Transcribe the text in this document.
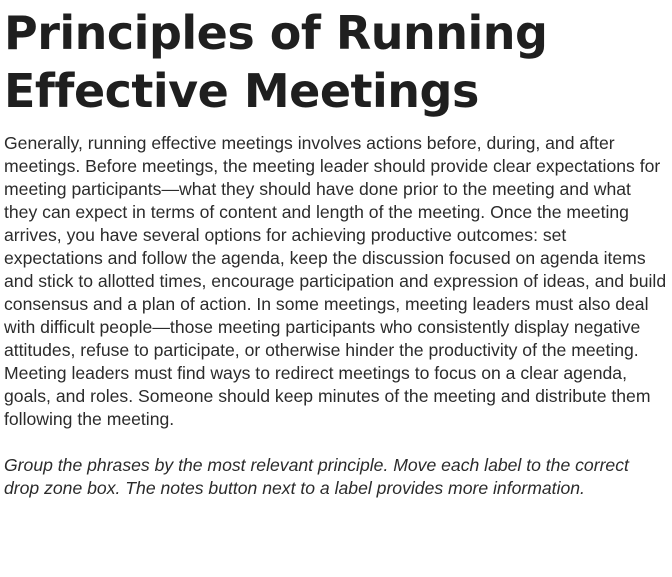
Principles of Running Effective Meetings

Generally, running effective meetings involves actions before, during, and after meetings. Before meetings, the meeting leader should provide clear expectations for meeting participants—what they should have done prior to the meeting and what they can expect in terms of content and length of the meeting. Once the meeting arrives, you have several options for achieving productive outcomes: set expectations and follow the agenda, keep the discussion focused on agenda items and stick to allotted times, encourage participation and expression of ideas, and build consensus and a plan of action. In some meetings, meeting leaders must also deal with difficult people—those meeting participants who consistently display negative attitudes, refuse to participate, or otherwise hinder the productivity of the meeting. Meeting leaders must find ways to redirect meetings to focus on a clear agenda, goals, and roles. Someone should keep minutes of the meeting and distribute them following the meeting.

Group the phrases by the most relevant principle. Move each label to the correct drop zone box. The notes button next to a label provides more information.
